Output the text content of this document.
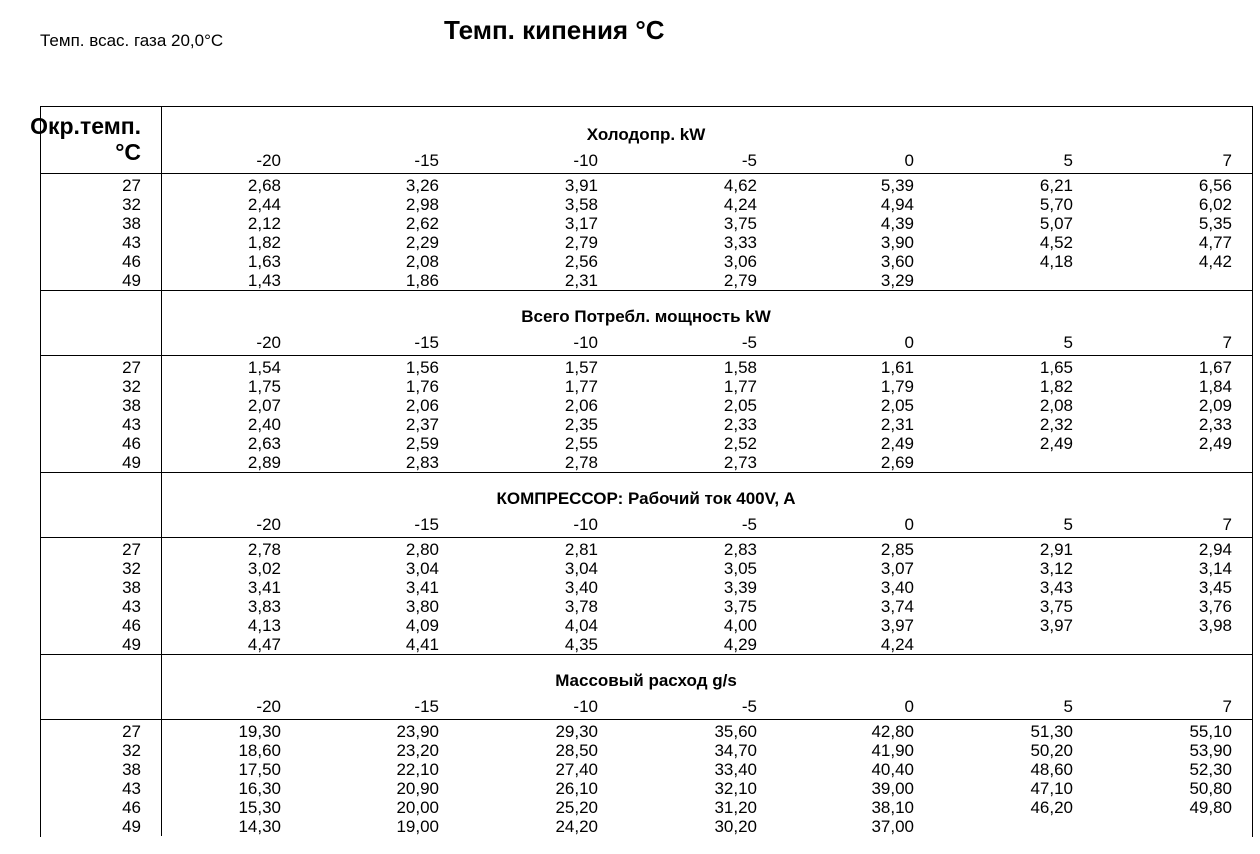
Темп. всас. газа 20,0°C	Темп. кипения °C
Окр.темп.
°C
Холодопр. kW
-20	-15	-10	-5	0	5	7
27	2,68	3,26	3,91	4,62	5,39	6,21	6,56
32	2,44	2,98	3,58	4,24	4,94	5,70	6,02
38	2,12	2,62	3,17	3,75	4,39	5,07	5,35
43	1,82	2,29	2,79	3,33	3,90	4,52	4,77
46	1,63	2,08	2,56	3,06	3,60	4,18	4,42
49	1,43	1,86	2,31	2,79	3,29
Всего Потребл. мощность kW
-20	-15	-10	-5	0	5	7
27	1,54	1,56	1,57	1,58	1,61	1,65	1,67
32	1,75	1,76	1,77	1,77	1,79	1,82	1,84
38	2,07	2,06	2,06	2,05	2,05	2,08	2,09
43	2,40	2,37	2,35	2,33	2,31	2,32	2,33
46	2,63	2,59	2,55	2,52	2,49	2,49	2,49
49	2,89	2,83	2,78	2,73	2,69
КОМПРЕССОР: Рабочий ток 400V, A
-20	-15	-10	-5	0	5	7
27	2,78	2,80	2,81	2,83	2,85	2,91	2,94
32	3,02	3,04	3,04	3,05	3,07	3,12	3,14
38	3,41	3,41	3,40	3,39	3,40	3,43	3,45
43	3,83	3,80	3,78	3,75	3,74	3,75	3,76
46	4,13	4,09	4,04	4,00	3,97	3,97	3,98
49	4,47	4,41	4,35	4,29	4,24
Массовый расход g/s
-20	-15	-10	-5	0	5	7
27	19,30	23,90	29,30	35,60	42,80	51,30	55,10
32	18,60	23,20	28,50	34,70	41,90	50,20	53,90
38	17,50	22,10	27,40	33,40	40,40	48,60	52,30
43	16,30	20,90	26,10	32,10	39,00	47,10	50,80
46	15,30	20,00	25,20	31,20	38,10	46,20	49,80
49	14,30	19,00	24,20	30,20	37,00
